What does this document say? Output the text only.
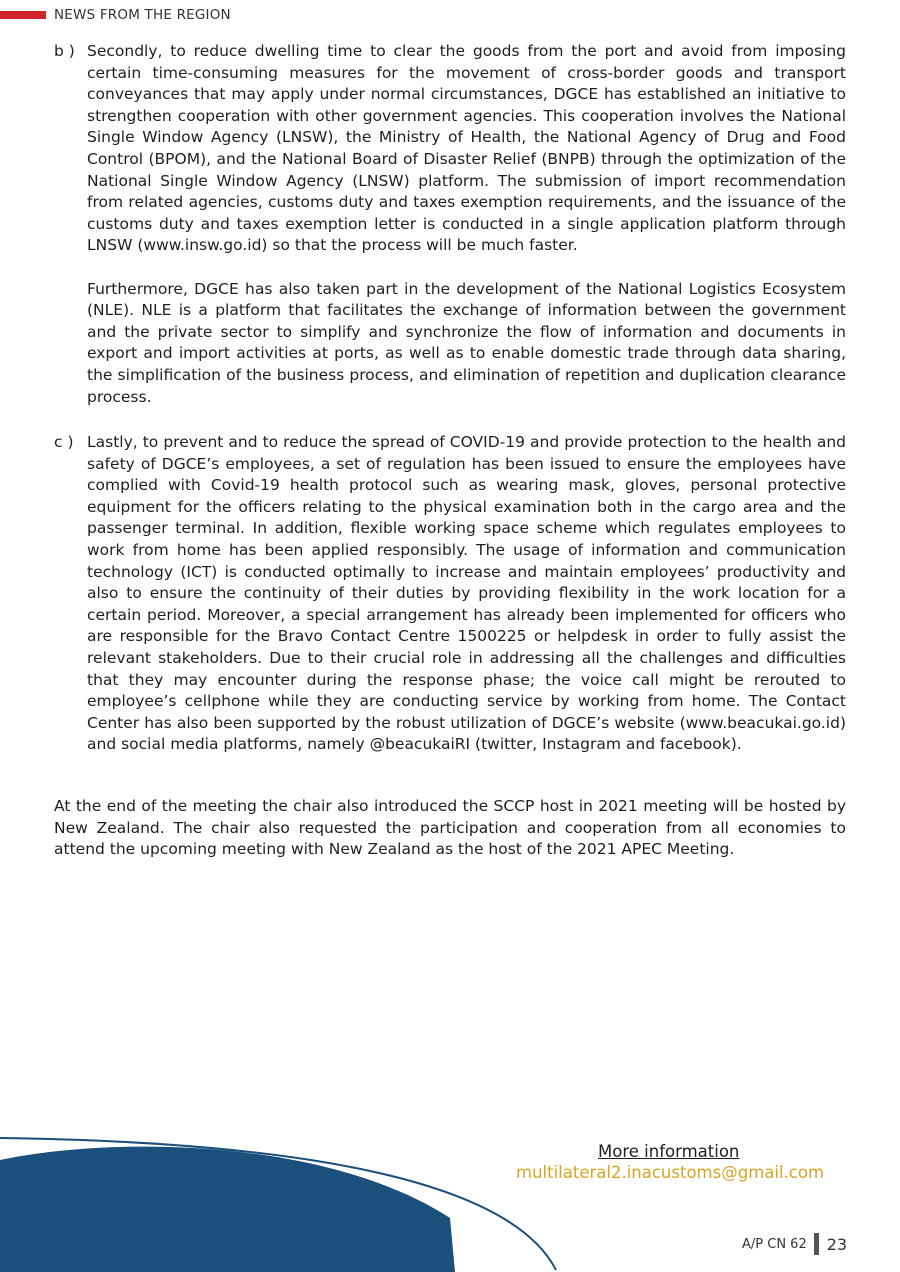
NEWS FROM THE REGION
b ) Secondly, to reduce dwelling time to clear the goods from the port and avoid from imposing certain time-consuming measures for the movement of cross-border goods and transport conveyances that may apply under normal circumstances, DGCE has established an initiative to strengthen cooperation with other government agencies. This cooperation involves the National Single Window Agency (LNSW), the Ministry of Health, the National Agency of Drug and Food Control (BPOM), and the National Board of Disaster Relief (BNPB) through the optimization of the National Single Window Agency (LNSW) platform. The submission of import recommendation from related agencies, customs duty and taxes exemption requirements, and the issuance of the customs duty and taxes exemption letter is conducted in a single application platform through LNSW (www.insw.go.id) so that the process will be much faster.

Furthermore, DGCE has also taken part in the development of the National Logistics Ecosystem (NLE). NLE is a platform that facilitates the exchange of information between the government and the private sector to simplify and synchronize the flow of information and documents in export and import activities at ports, as well as to enable domestic trade through data sharing, the simplification of the business process, and elimination of repetition and duplication clearance process.

c ) Lastly, to prevent and to reduce the spread of COVID-19 and provide protection to the health and safety of DGCE’s employees, a set of regulation has been issued to ensure the employees have complied with Covid-19 health protocol such as wearing mask, gloves, personal protective equipment for the officers relating to the physical examination both in the cargo area and the passenger terminal. In addition, flexible working space scheme which regulates employees to work from home has been applied responsibly. The usage of information and communication technology (ICT) is conducted optimally to increase and maintain employees’ productivity and also to ensure the continuity of their duties by providing flexibility in the work location for a certain period. Moreover, a special arrangement has already been implemented for officers who are responsible for the Bravo Contact Centre 1500225 or helpdesk in order to fully assist the relevant stakeholders. Due to their crucial role in addressing all the challenges and difficulties that they may encounter during the response phase; the voice call might be rerouted to employee’s cellphone while they are conducting service by working from home. The Contact Center has also been supported by the robust utilization of DGCE’s website (www.beacukai.go.id) and social media platforms, namely @beacukaiRI (twitter, Instagram and facebook).

At the end of the meeting the chair also introduced the SCCP host in 2021 meeting will be hosted by New Zealand. The chair also requested the participation and cooperation from all economies to attend the upcoming meeting with New Zealand as the host of the 2021 APEC Meeting.

More information
multilateral2.inacustoms@gmail.com
A/P CN 62 23
